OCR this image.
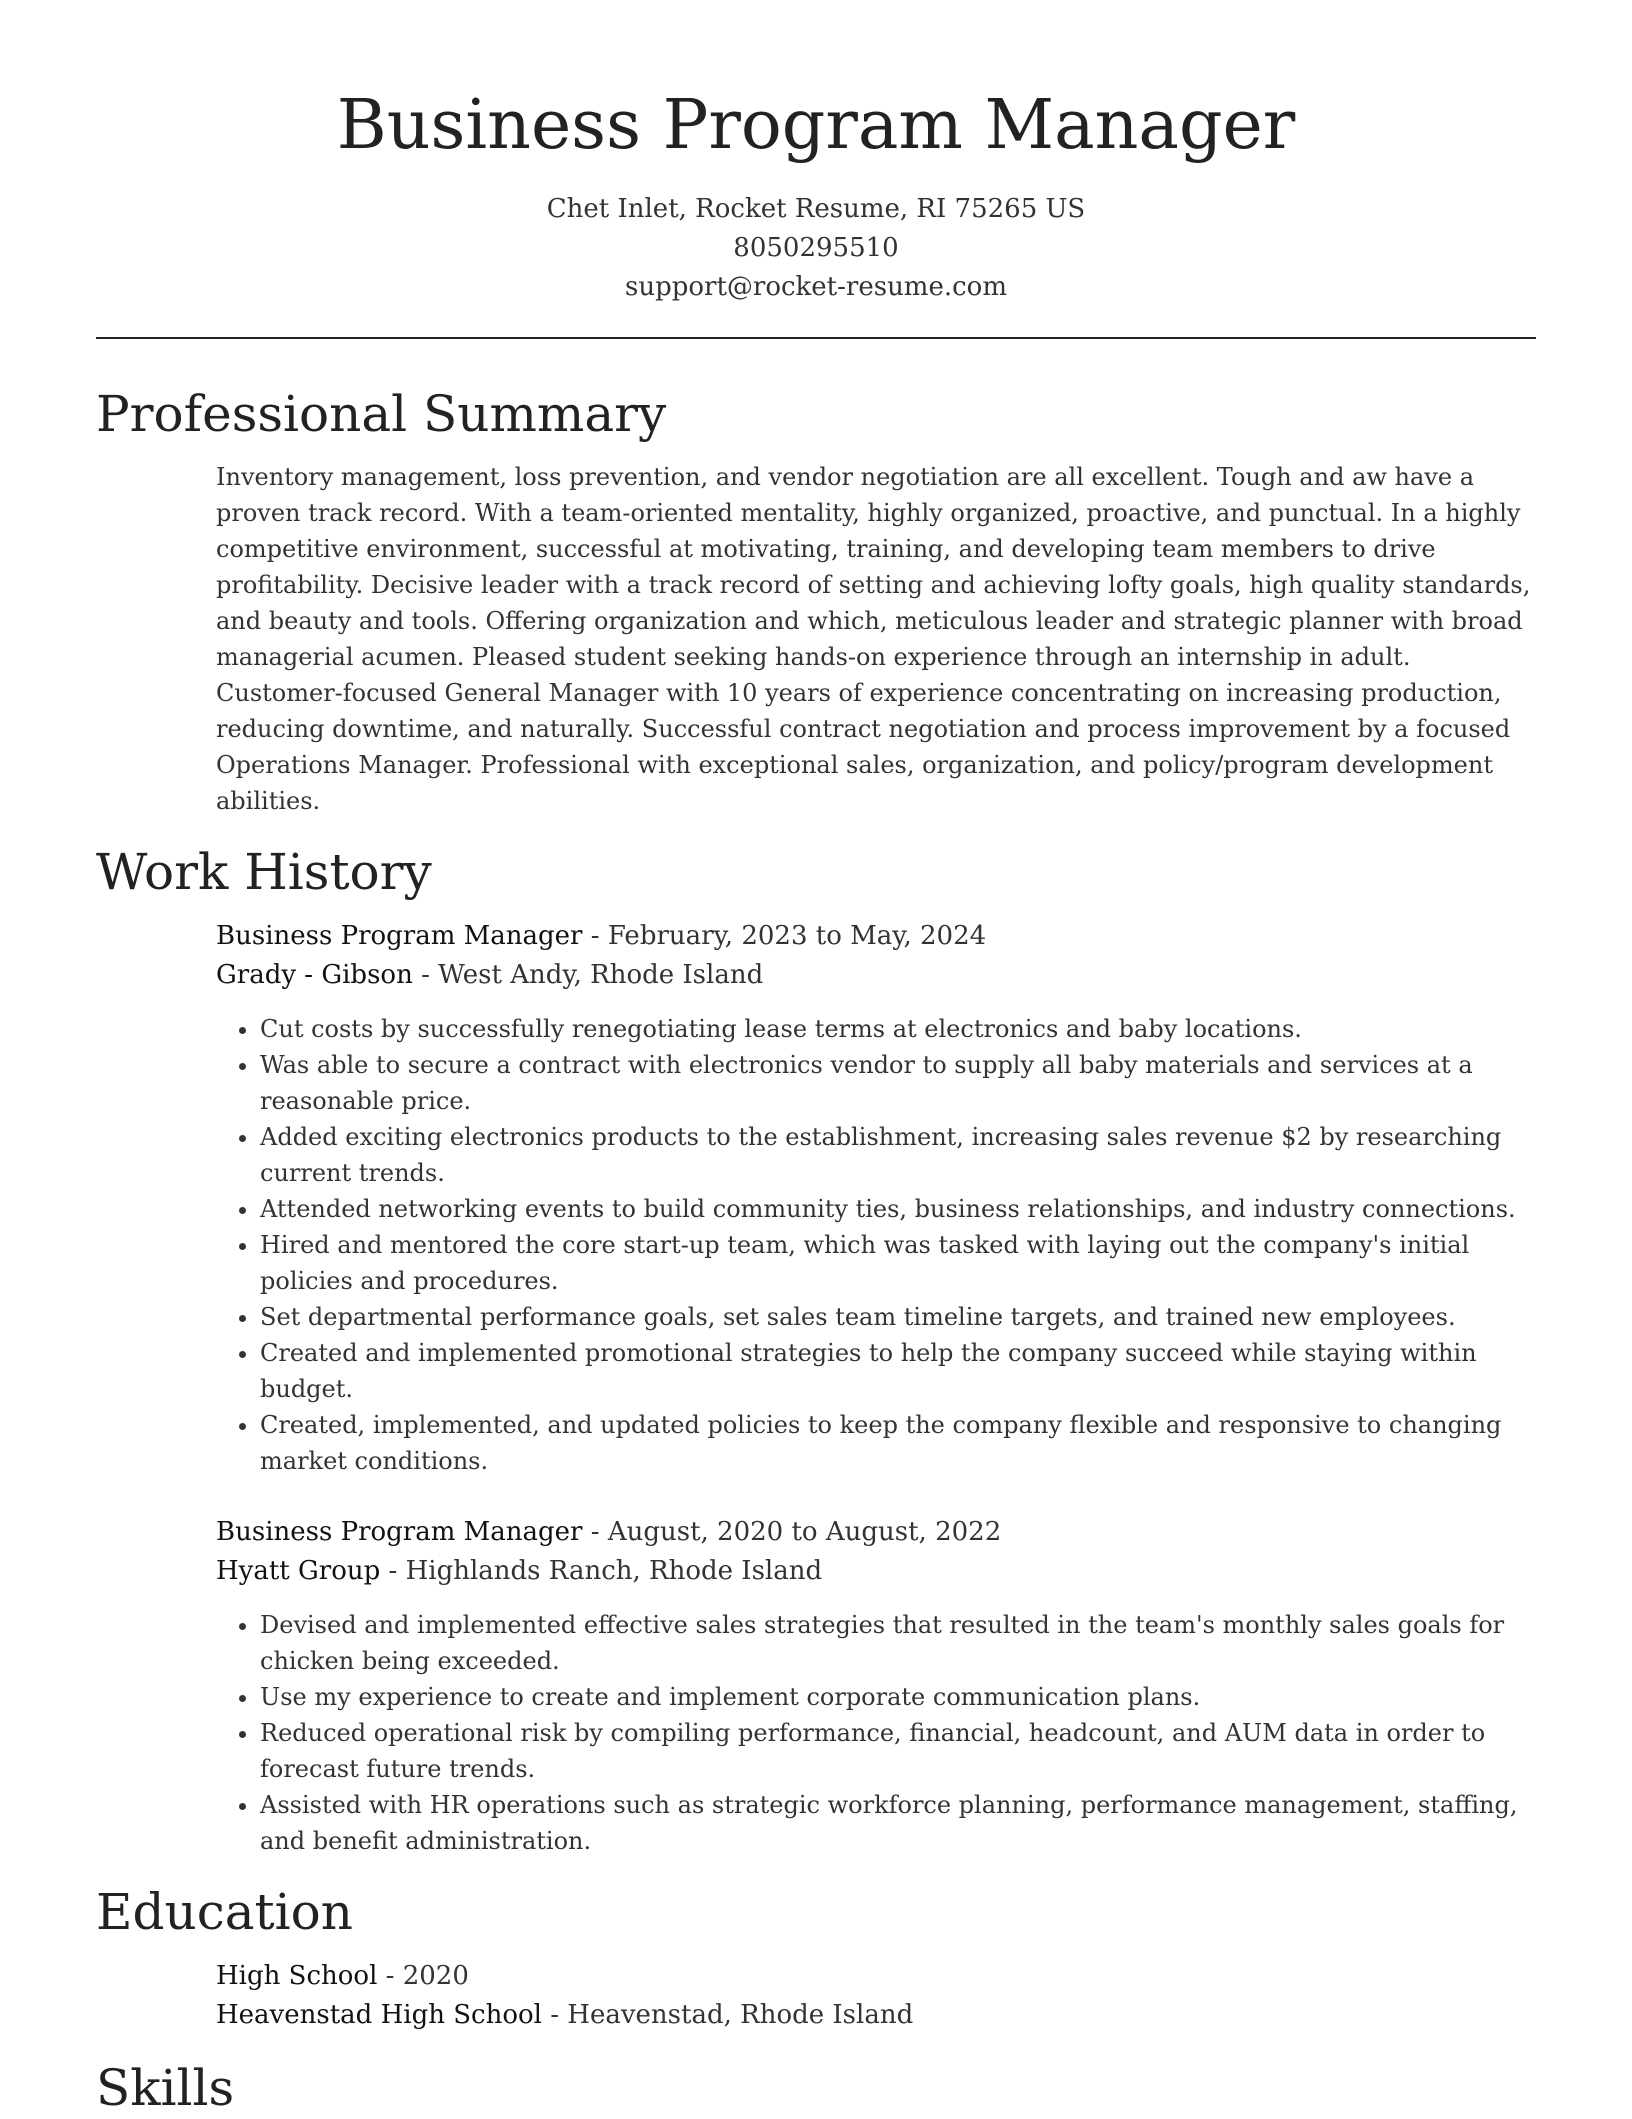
Business Program Manager
Chet Inlet, Rocket Resume, RI 75265 US
8050295510
support@rocket-resume.com
Professional Summary

Inventory management, loss prevention, and vendor negotiation are all excellent. Tough and aw have a proven track record. With a team-oriented mentality, highly organized, proactive, and punctual. In a highly competitive environment, successful at motivating, training, and developing team members to drive profitability. Decisive leader with a track record of setting and achieving lofty goals, high quality standards, and beauty and tools. Offering organization and which, meticulous leader and strategic planner with broad managerial acumen. Pleased student seeking hands-on experience through an internship in adult. Customer-focused General Manager with 10 years of experience concentrating on increasing production, reducing downtime, and naturally. Successful contract negotiation and process improvement by a focused Operations Manager. Professional with exceptional sales, organization, and policy/program development abilities.

Work History
Business Program Manager - February, 2023 to May, 2024
Grady - Gibson - West Andy, Rhode Island
• Cut costs by successfully renegotiating lease terms at electronics and baby locations.
• Was able to secure a contract with electronics vendor to supply all baby materials and services at a reasonable price.
• Added exciting electronics products to the establishment, increasing sales revenue $2 by researching current trends.
• Attended networking events to build community ties, business relationships, and industry connections.
• Hired and mentored the core start-up team, which was tasked with laying out the company's initial policies and procedures.
• Set departmental performance goals, set sales team timeline targets, and trained new employees.
• Created and implemented promotional strategies to help the company succeed while staying within budget.
• Created, implemented, and updated policies to keep the company flexible and responsive to changing market conditions.
Business Program Manager - August, 2020 to August, 2022
Hyatt Group - Highlands Ranch, Rhode Island
• Devised and implemented effective sales strategies that resulted in the team's monthly sales goals for chicken being exceeded.
• Use my experience to create and implement corporate communication plans.
• Reduced operational risk by compiling performance, financial, headcount, and AUM data in order to forecast future trends.
• Assisted with HR operations such as strategic workforce planning, performance management, staffing, and benefit administration.
Education
High School - 2020
Heavenstad High School - Heavenstad, Rhode Island
Skills
